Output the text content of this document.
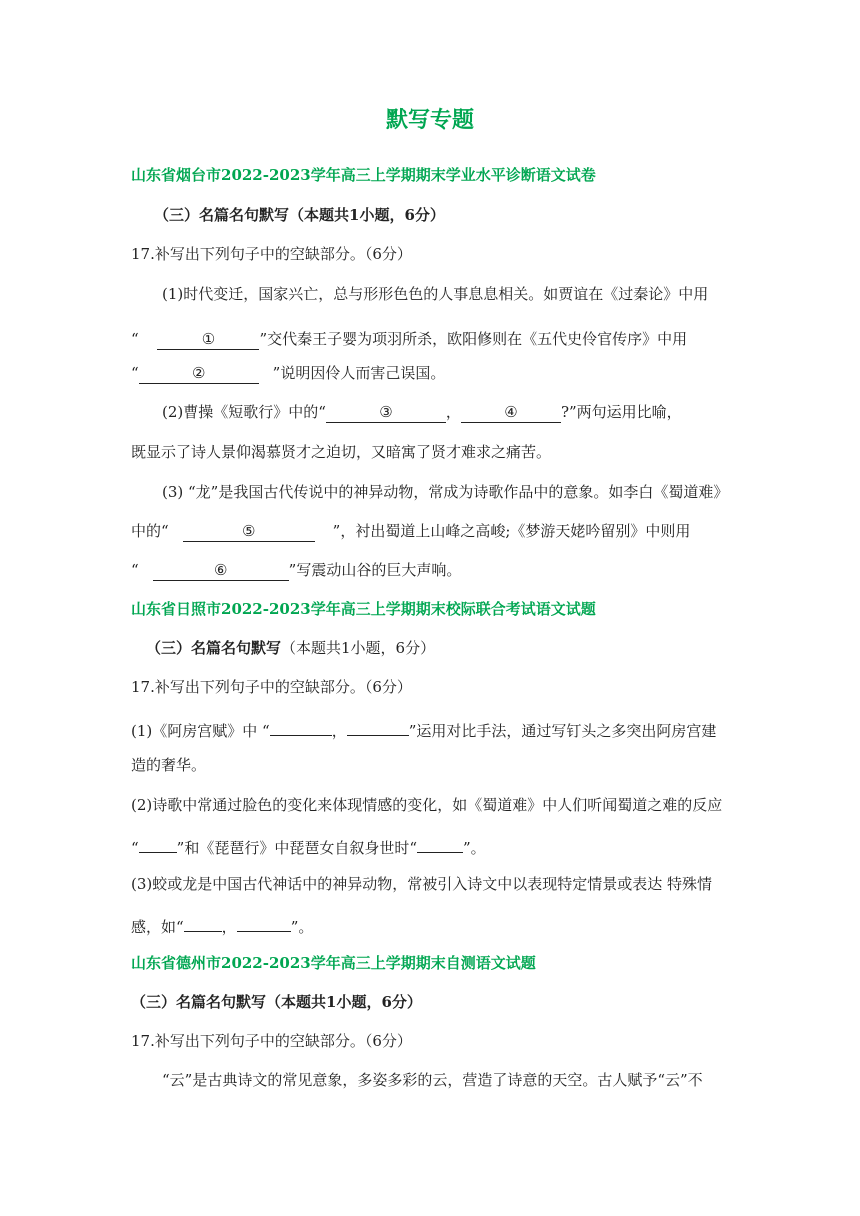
默写专题
山东省烟台市2022-2023学年高三上学期期末学业水平诊断语文试卷
（三）名篇名句默写（本题共1小题，6分）
17.补写出下列句子中的空缺部分。（6分）
(1)时代变迁，国家兴亡，总与形形色色的人事息息相关。如贾谊在《过秦论》中用
“	①	”交代秦王子婴为项羽所杀，欧阳修则在《五代史伶官传序》中用
“	②	”说明因伶人而害己误国。
(2)曹操《短歌行》中的“	③	，	④	?”两句运用比喻，
既显示了诗人景仰渴慕贤才之迫切，又暗寓了贤才难求之痛苦。
(3) “龙”是我国古代传说中的神异动物，常成为诗歌作品中的意象。如李白《蜀道难》
中的“	⑤	”，衬出蜀道上山峰之高峻;《梦游天姥吟留别》中则用
“	⑥	”写震动山谷的巨大声响。
山东省日照市2022-2023学年高三上学期期末校际联合考试语文试题
（三）名篇名句默写（本题共1小题，6分）
17.补写出下列句子中的空缺部分。（6分）
(1)《阿房宫赋》中 “	，	”运用对比手法，通过写钉头之多突出阿房宫建
造的奢华。
(2)诗歌中常通过脸色的变化来体现情感的变化，如《蜀道难》中人们听闻蜀道之难的反应
“	”和《琵琶行》中琵琶女自叙身世时“	”。
(3)蛟或龙是中国古代神话中的神异动物，常被引入诗文中以表现特定情景或表达 特殊情
感，如“	，	”。
山东省德州市2022-2023学年高三上学期期末自测语文试题
（三）名篇名句默写（本题共1小题，6分）
17.补写出下列句子中的空缺部分。（6分）
“云”是古典诗文的常见意象，多姿多彩的云，营造了诗意的天空。古人赋予“云”不
